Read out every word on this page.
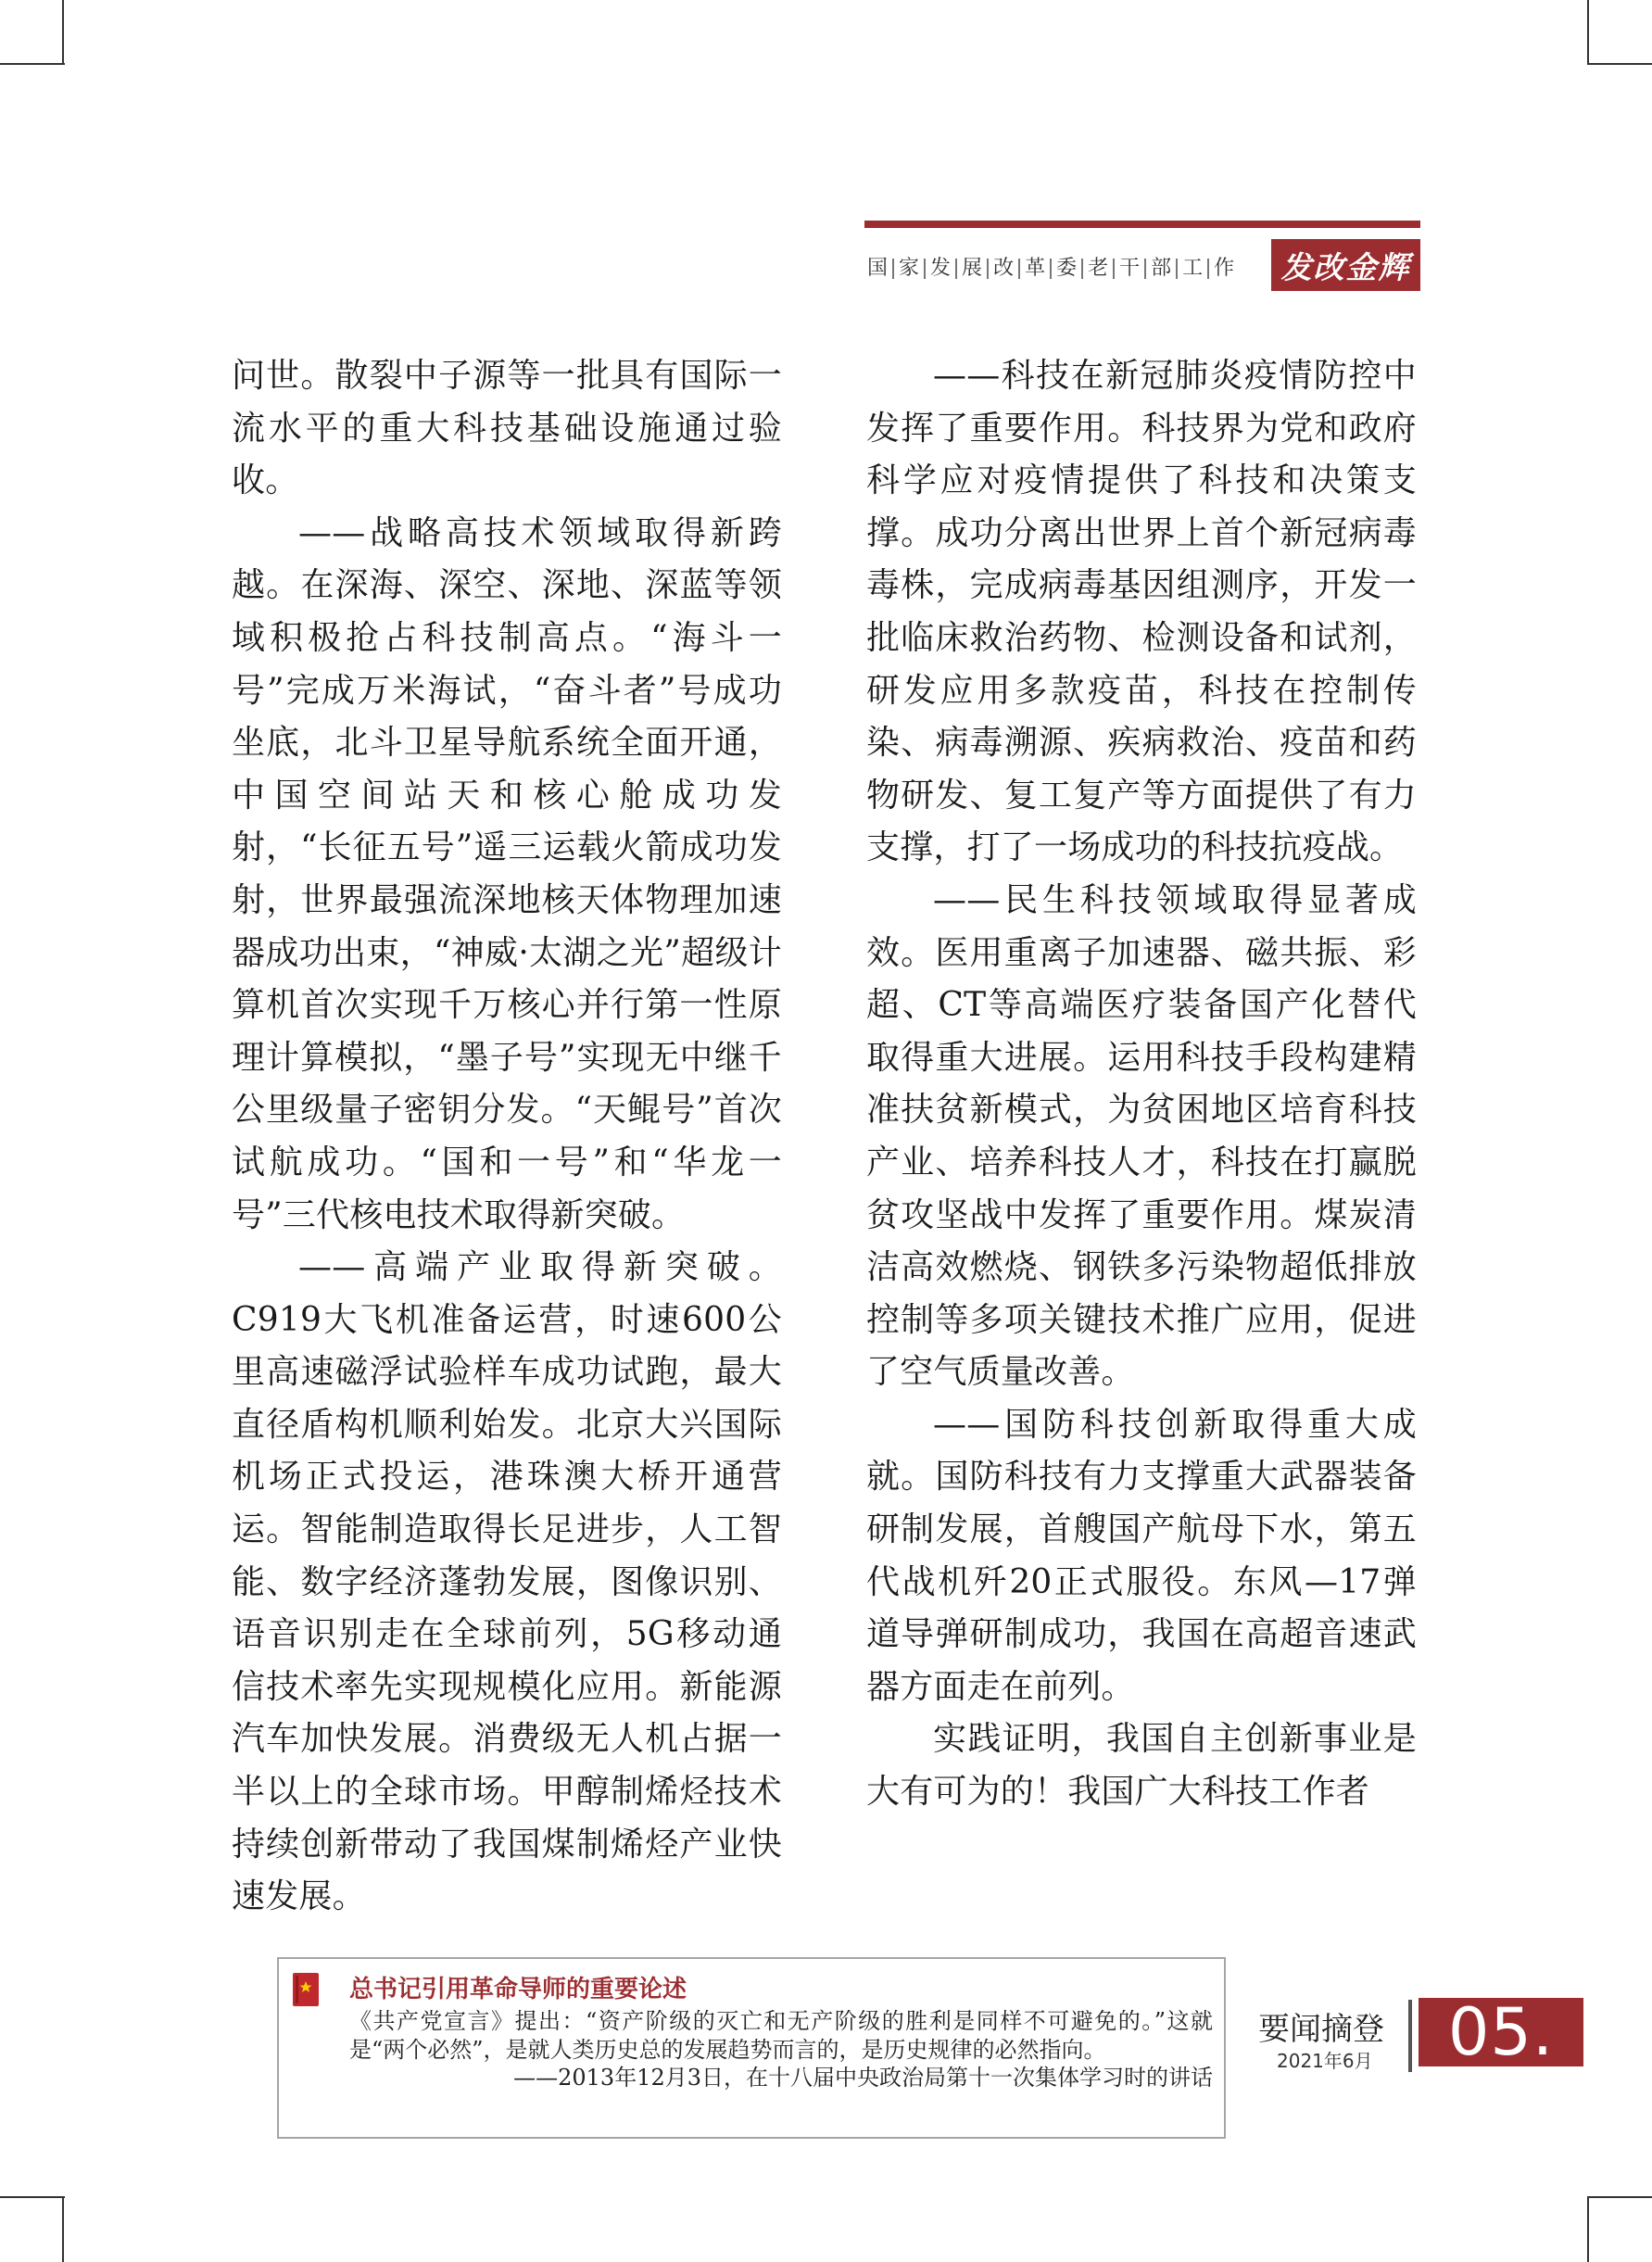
国 家 发 展 改 革 委 老 干 部 工 作	发改金辉

问世。散裂中子源等一批具有国际一流水平的重大科技基础设施通过验收。

——战略高技术领域取得新跨越。在深海、深空、深地、深蓝等领域积极抢占科技制高点。“海斗一号”完成万米海试，“奋斗者”号成功坐底，北斗卫星导航系统全面开通，中国空间站天和核心舱成功发射，“长征五号”遥三运载火箭成功发射，世界最强流深地核天体物理加速器成功出束，“神威·太湖之光”超级计算机首次实现千万核心并行第一性原理计算模拟，“墨子号”实现无中继千公里级量子密钥分发。“天鲲号”首次试航成功。“国和一号”和“华龙一号”三代核电技术取得新突破。

——高端产业取得新突破。C919大飞机准备运营，时速600公里高速磁浮试验样车成功试跑，最大直径盾构机顺利始发。北京大兴国际机场正式投运，港珠澳大桥开通营运。智能制造取得长足进步，人工智能、数字经济蓬勃发展，图像识别、语音识别走在全球前列，5G移动通信技术率先实现规模化应用。新能源汽车加快发展。消费级无人机占据一半以上的全球市场。甲醇制烯烃技术持续创新带动了我国煤制烯烃产业快速发展。

——科技在新冠肺炎疫情防控中发挥了重要作用。科技界为党和政府科学应对疫情提供了科技和决策支撑。成功分离出世界上首个新冠病毒毒株，完成病毒基因组测序，开发一批临床救治药物、检测设备和试剂，研发应用多款疫苗，科技在控制传染、病毒溯源、疾病救治、疫苗和药物研发、复工复产等方面提供了有力支撑，打了一场成功的科技抗疫战。

——民生科技领域取得显著成效。医用重离子加速器、磁共振、彩超、CT等高端医疗装备国产化替代取得重大进展。运用科技手段构建精准扶贫新模式，为贫困地区培育科技产业、培养科技人才，科技在打赢脱贫攻坚战中发挥了重要作用。煤炭清洁高效燃烧、钢铁多污染物超低排放控制等多项关键技术推广应用，促进了空气质量改善。

——国防科技创新取得重大成就。国防科技有力支撑重大武器装备研制发展，首艘国产航母下水，第五代战机歼20正式服役。东风—17弹道导弹研制成功，我国在高超音速武器方面走在前列。

实践证明，我国自主创新事业是大有可为的！我国广大科技工作者

总书记引用革命导师的重要论述
《共产党宣言》提出：“资产阶级的灭亡和无产阶级的胜利是同样不可避免的。”这就是“两个必然”，是就人类历史总的发展趋势而言的，是历史规律的必然指向。
——2013年12月3日，在十八届中央政治局第十一次集体学习时的讲话
要闻摘登
2021年6月	05.
